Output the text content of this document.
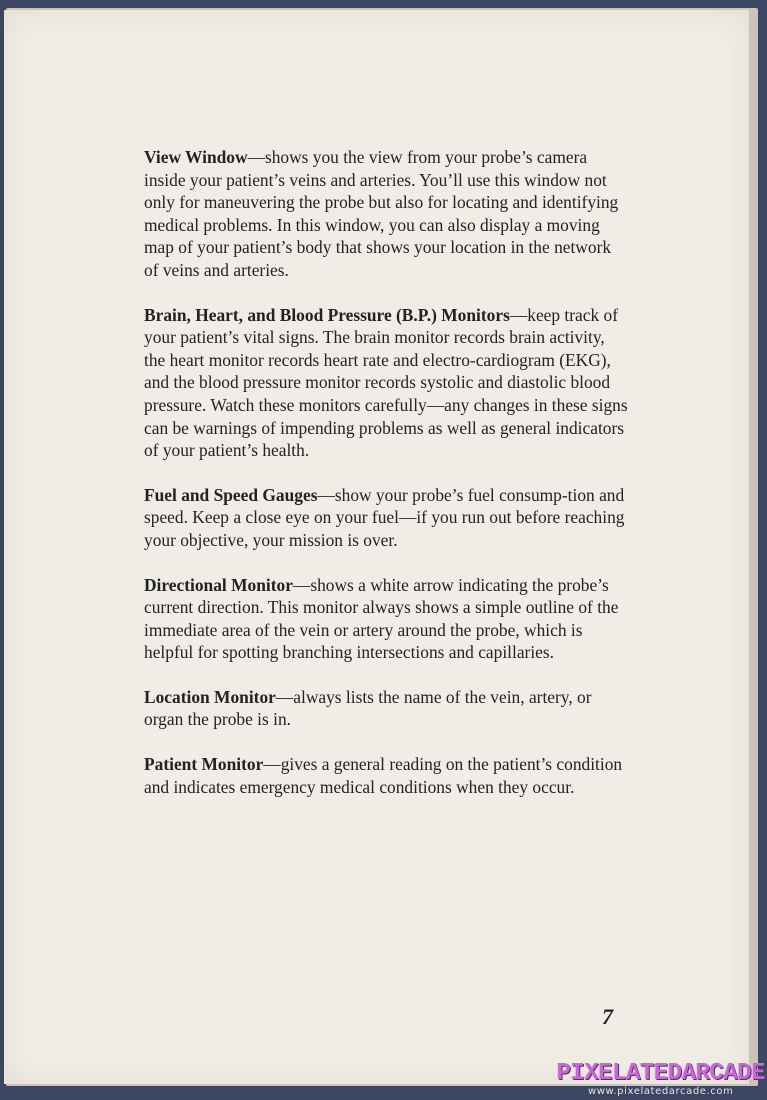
View Window—shows you the view from your probe’s camera inside your patient’s veins and arteries. You’ll use this window not only for maneuvering the probe but also for locating and identifying medical problems. In this window, you can also display a moving map of your patient’s body that shows your location in the network of veins and arteries.

Brain, Heart, and Blood Pressure (B.P.) Monitors—keep track of your patient’s vital signs. The brain monitor records brain activity, the heart monitor records heart rate and electro-cardiogram (EKG), and the blood pressure monitor records systolic and diastolic blood pressure. Watch these monitors carefully—any changes in these signs can be warnings of impending problems as well as general indicators of your patient’s health.

Fuel and Speed Gauges—show your probe’s fuel consump-tion and speed. Keep a close eye on your fuel—if you run out before reaching your objective, your mission is over.

Directional Monitor—shows a white arrow indicating the probe’s current direction. This monitor always shows a simple outline of the immediate area of the vein or artery around the probe, which is helpful for spotting branching intersections and capillaries.

Location Monitor—always lists the name of the vein, artery, or organ the probe is in.

Patient Monitor—gives a general reading on the patient’s condition and indicates emergency medical conditions when they occur.

7
PIXELATEDARCADE
www.pixelatedarcade.com
